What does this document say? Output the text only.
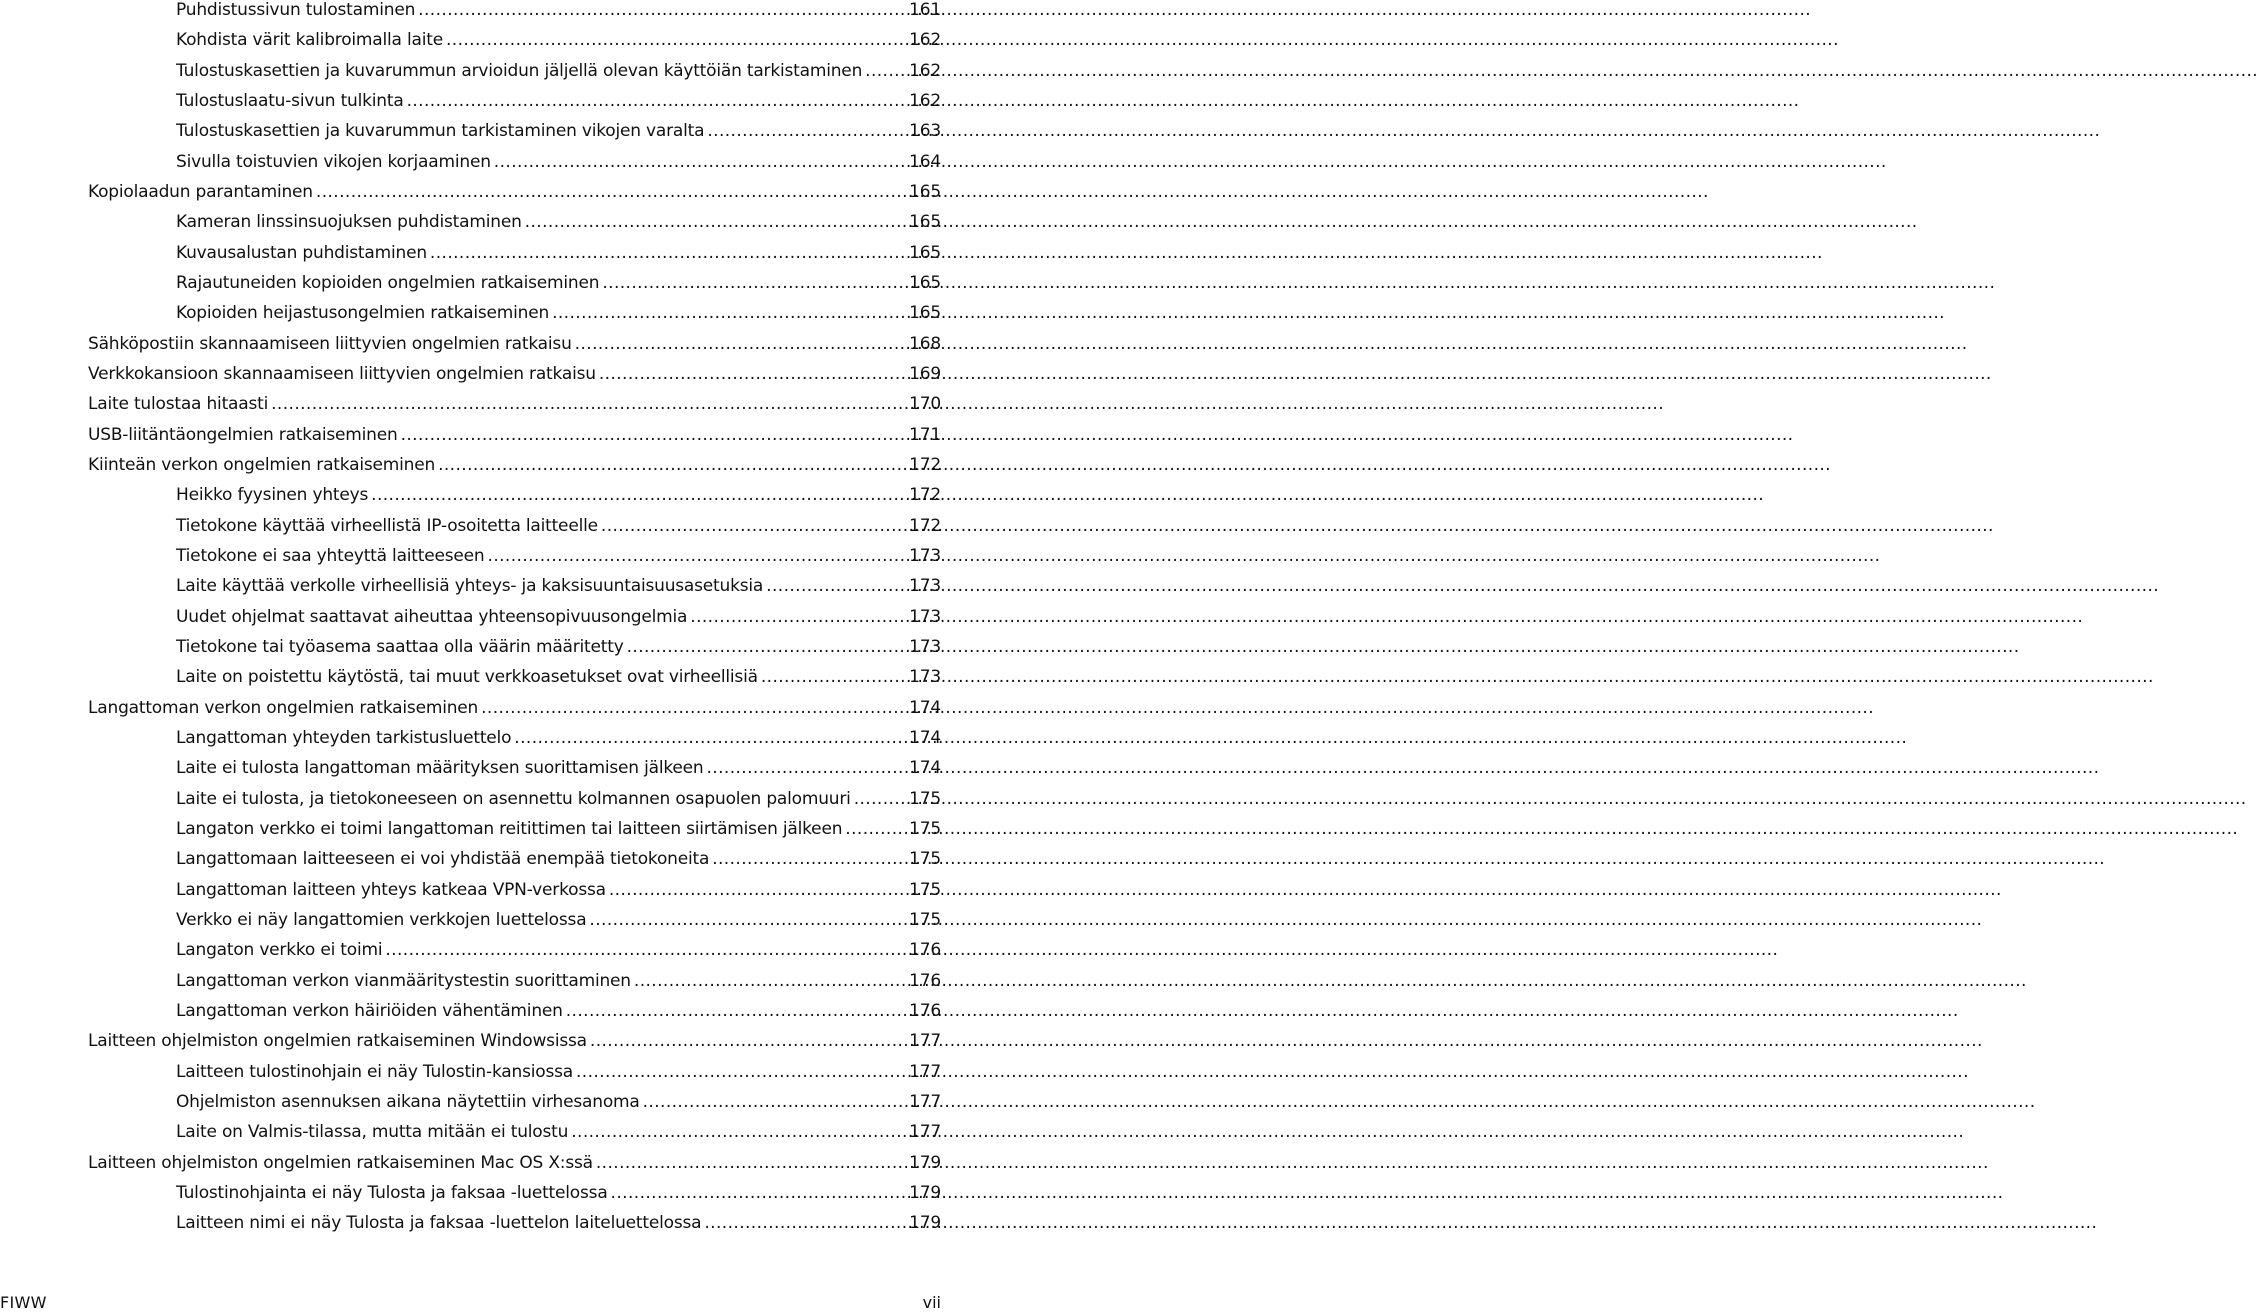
Puhdistussivun tulostaminen .....	161
Kohdista värit kalibroimalla laite .....	162
Tulostuskasettien ja kuvarummun arvioidun jäljellä olevan käyttöiän tarkistaminen .....	162
Tulostuslaatu-sivun tulkinta .....	162
Tulostuskasettien ja kuvarummun tarkistaminen vikojen varalta .....	163
Sivulla toistuvien vikojen korjaaminen .....	164
Kopiolaadun parantaminen .....	165
Kameran linssinsuojuksen puhdistaminen .....	165
Kuvausalustan puhdistaminen .....	165
Rajautuneiden kopioiden ongelmien ratkaiseminen .....	165
Kopioiden heijastusongelmien ratkaiseminen .....	165
Sähköpostiin skannaamiseen liittyvien ongelmien ratkaisu .....	168
Verkkokansioon skannaamiseen liittyvien ongelmien ratkaisu .....	169
Laite tulostaa hitaasti .....	170
USB-liitäntäongelmien ratkaiseminen .....	171
Kiinteän verkon ongelmien ratkaiseminen .....	172
Heikko fyysinen yhteys .....	172
Tietokone käyttää virheellistä IP-osoitetta laitteelle .....	172
Tietokone ei saa yhteyttä laitteeseen .....	173
Laite käyttää verkolle virheellisiä yhteys- ja kaksisuuntaisuusasetuksia .....	173
Uudet ohjelmat saattavat aiheuttaa yhteensopivuusongelmia .....	173
Tietokone tai työasema saattaa olla väärin määritetty .....	173
Laite on poistettu käytöstä, tai muut verkkoasetukset ovat virheellisiä .....	173
Langattoman verkon ongelmien ratkaiseminen .....	174
Langattoman yhteyden tarkistusluettelo .....	174
Laite ei tulosta langattoman määrityksen suorittamisen jälkeen .....	174
Laite ei tulosta, ja tietokoneeseen on asennettu kolmannen osapuolen palomuuri .....	175
Langaton verkko ei toimi langattoman reitittimen tai laitteen siirtämisen jälkeen .....	175
Langattomaan laitteeseen ei voi yhdistää enempää tietokoneita .....	175
Langattoman laitteen yhteys katkeaa VPN-verkossa .....	175
Verkko ei näy langattomien verkkojen luettelossa .....	175
Langaton verkko ei toimi .....	176
Langattoman verkon vianmääritystestin suorittaminen .....	176
Langattoman verkon häiriöiden vähentäminen .....	176
Laitteen ohjelmiston ongelmien ratkaiseminen Windowsissa .....	177
Laitteen tulostinohjain ei näy Tulostin-kansiossa .....	177
Ohjelmiston asennuksen aikana näytettiin virhesanoma .....	177
Laite on Valmis-tilassa, mutta mitään ei tulostu .....	177
Laitteen ohjelmiston ongelmien ratkaiseminen Mac OS X:ssä .....	179
Tulostinohjainta ei näy Tulosta ja faksaa -luettelossa .....	179
Laitteen nimi ei näy Tulosta ja faksaa -luettelon laiteluettelossa .....	179
FIWW	vii
